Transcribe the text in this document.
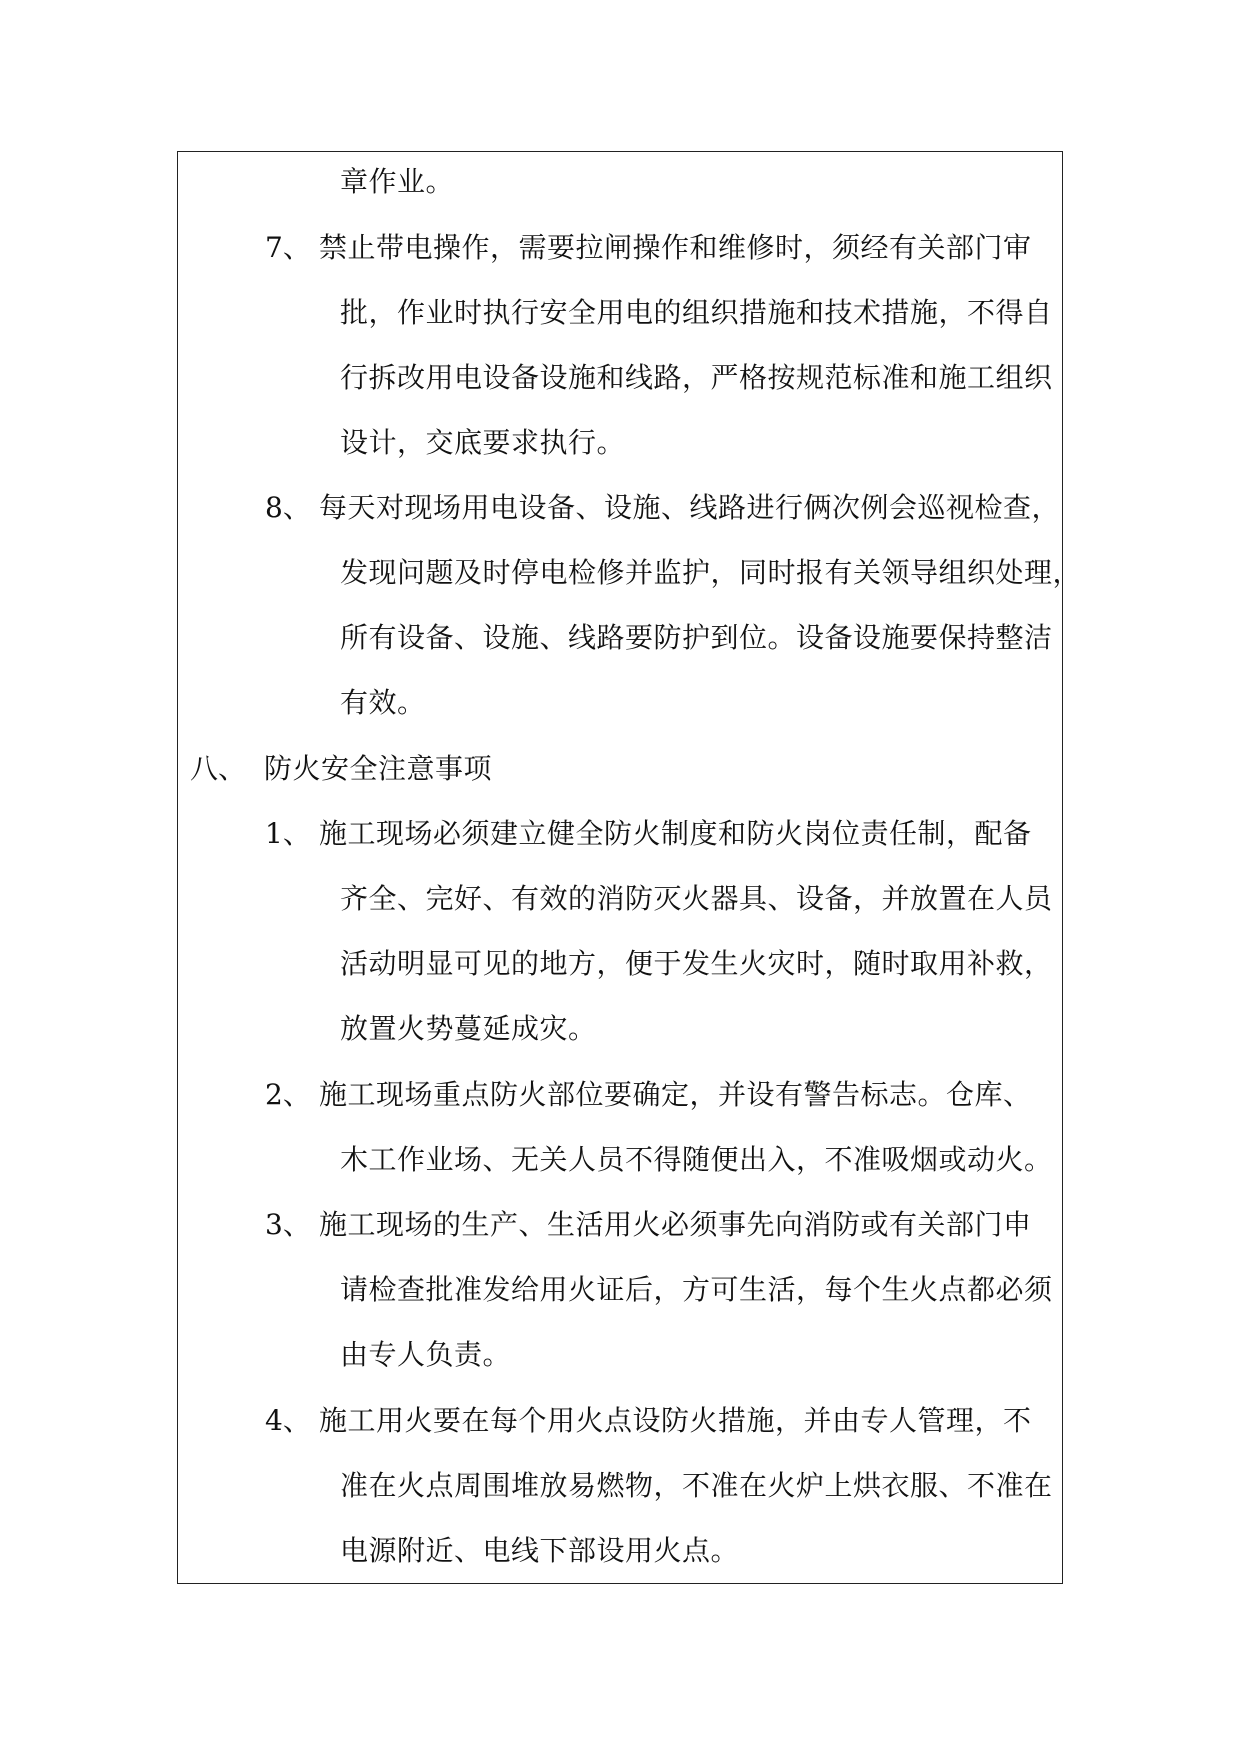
章作业。
7、 禁止带电操作，需要拉闸操作和维修时，须经有关部门审
批，作业时执行安全用电的组织措施和技术措施，不得自
行拆改用电设备设施和线路，严格按规范标准和施工组织
设计，交底要求执行。
8、 每天对现场用电设备、设施、线路进行俩次例会巡视检查，
发现问题及时停电检修并监护，同时报有关领导组织处理，
所有设备、设施、线路要防护到位。设备设施要保持整洁
有效。
八、 防火安全注意事项
1、 施工现场必须建立健全防火制度和防火岗位责任制，配备
齐全、完好、有效的消防灭火器具、设备，并放置在人员
活动明显可见的地方，便于发生火灾时，随时取用补救，
放置火势蔓延成灾。
2、 施工现场重点防火部位要确定，并设有警告标志。仓库、
木工作业场、无关人员不得随便出入，不准吸烟或动火。
3、 施工现场的生产、生活用火必须事先向消防或有关部门申
请检查批准发给用火证后，方可生活，每个生火点都必须
由专人负责。
4、 施工用火要在每个用火点设防火措施，并由专人管理，不
准在火点周围堆放易燃物，不准在火炉上烘衣服、不准在
电源附近、电线下部设用火点。
